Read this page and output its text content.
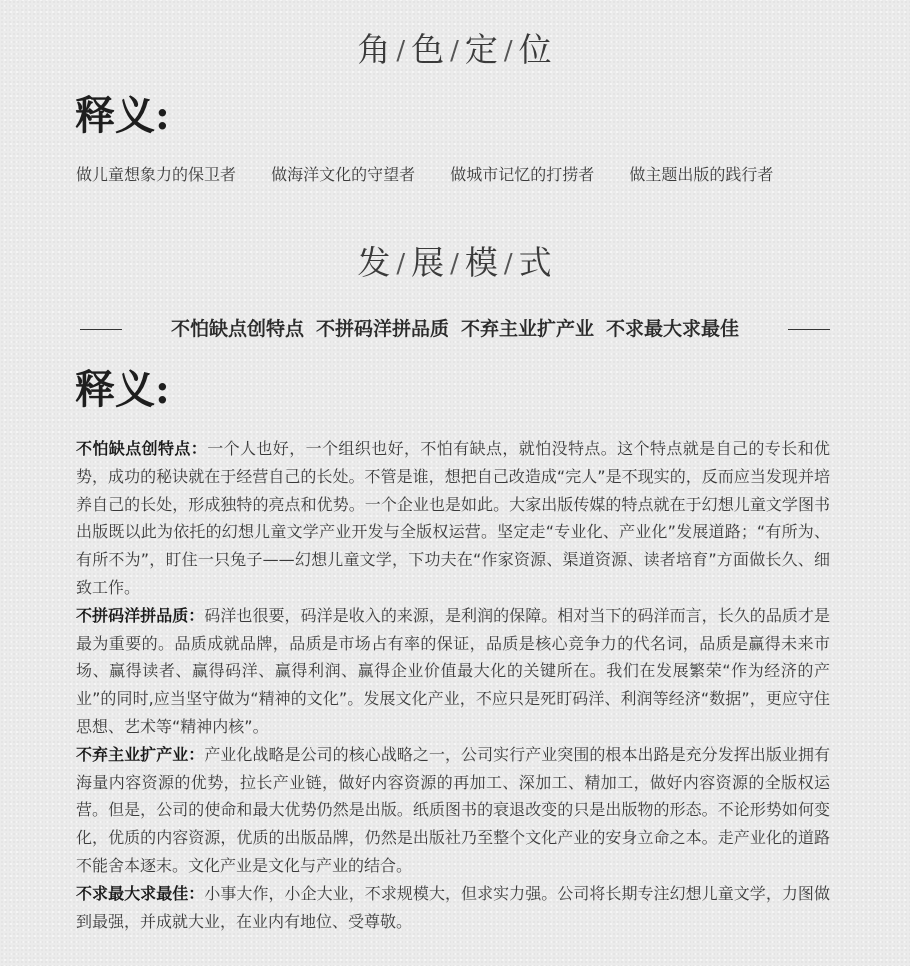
角 / 色 / 定 / 位
释义:
做儿童想象力的保卫者 做海洋文化的守望者 做城市记忆的打捞者 做主题出版的践行者
发 / 展 / 模 / 式
不怕缺点创特点 不拼码洋拼品质 不弃主业扩产业 不求最大求最佳
释义:

不怕缺点创特点：一个人也好，一个组织也好，不怕有缺点，就怕没特点。这个特点就是自己的专长和优势，成功的秘诀就在于经营自己的长处。不管是谁，想把自己改造成“完人”是不现实的，反而应当发现并培养自己的长处，形成独特的亮点和优势。一个企业也是如此。大家出版传媒的特点就在于幻想儿童文学图书出版既以此为依托的幻想儿童文学产业开发与全版权运营。坚定走“专业化、产业化”发展道路；“有所为、有所不为”，盯住一只兔子——幻想儿童文学，下功夫在“作家资源、渠道资源、读者培育”方面做长久、细致工作。

不拼码洋拼品质：码洋也很要，码洋是收入的来源，是利润的保障。相对当下的码洋而言，长久的品质才是最为重要的。品质成就品牌，品质是市场占有率的保证，品质是核心竞争力的代名词，品质是赢得未来市场、赢得读者、赢得码洋、赢得利润、赢得企业价值最大化的关键所在。我们在发展繁荣“作为经济的产业”的同时,应当坚守做为“精神的文化”。发展文化产业，不应只是死盯码洋、利润等经济“数据”，更应守住思想、艺术等“精神内核”。

不弃主业扩产业：产业化战略是公司的核心战略之一，公司实行产业突围的根本出路是充分发挥出版业拥有海量内容资源的优势，拉长产业链，做好内容资源的再加工、深加工、精加工，做好内容资源的全版权运营。但是，公司的使命和最大优势仍然是出版。纸质图书的衰退改变的只是出版物的形态。不论形势如何变化，优质的内容资源，优质的出版品牌，仍然是出版社乃至整个文化产业的安身立命之本。走产业化的道路不能舍本逐末。文化产业是文化与产业的结合。

不求最大求最佳：小事大作，小企大业，不求规模大，但求实力强。公司将长期专注幻想儿童文学，力图做到最强，并成就大业，在业内有地位、受尊敬。
